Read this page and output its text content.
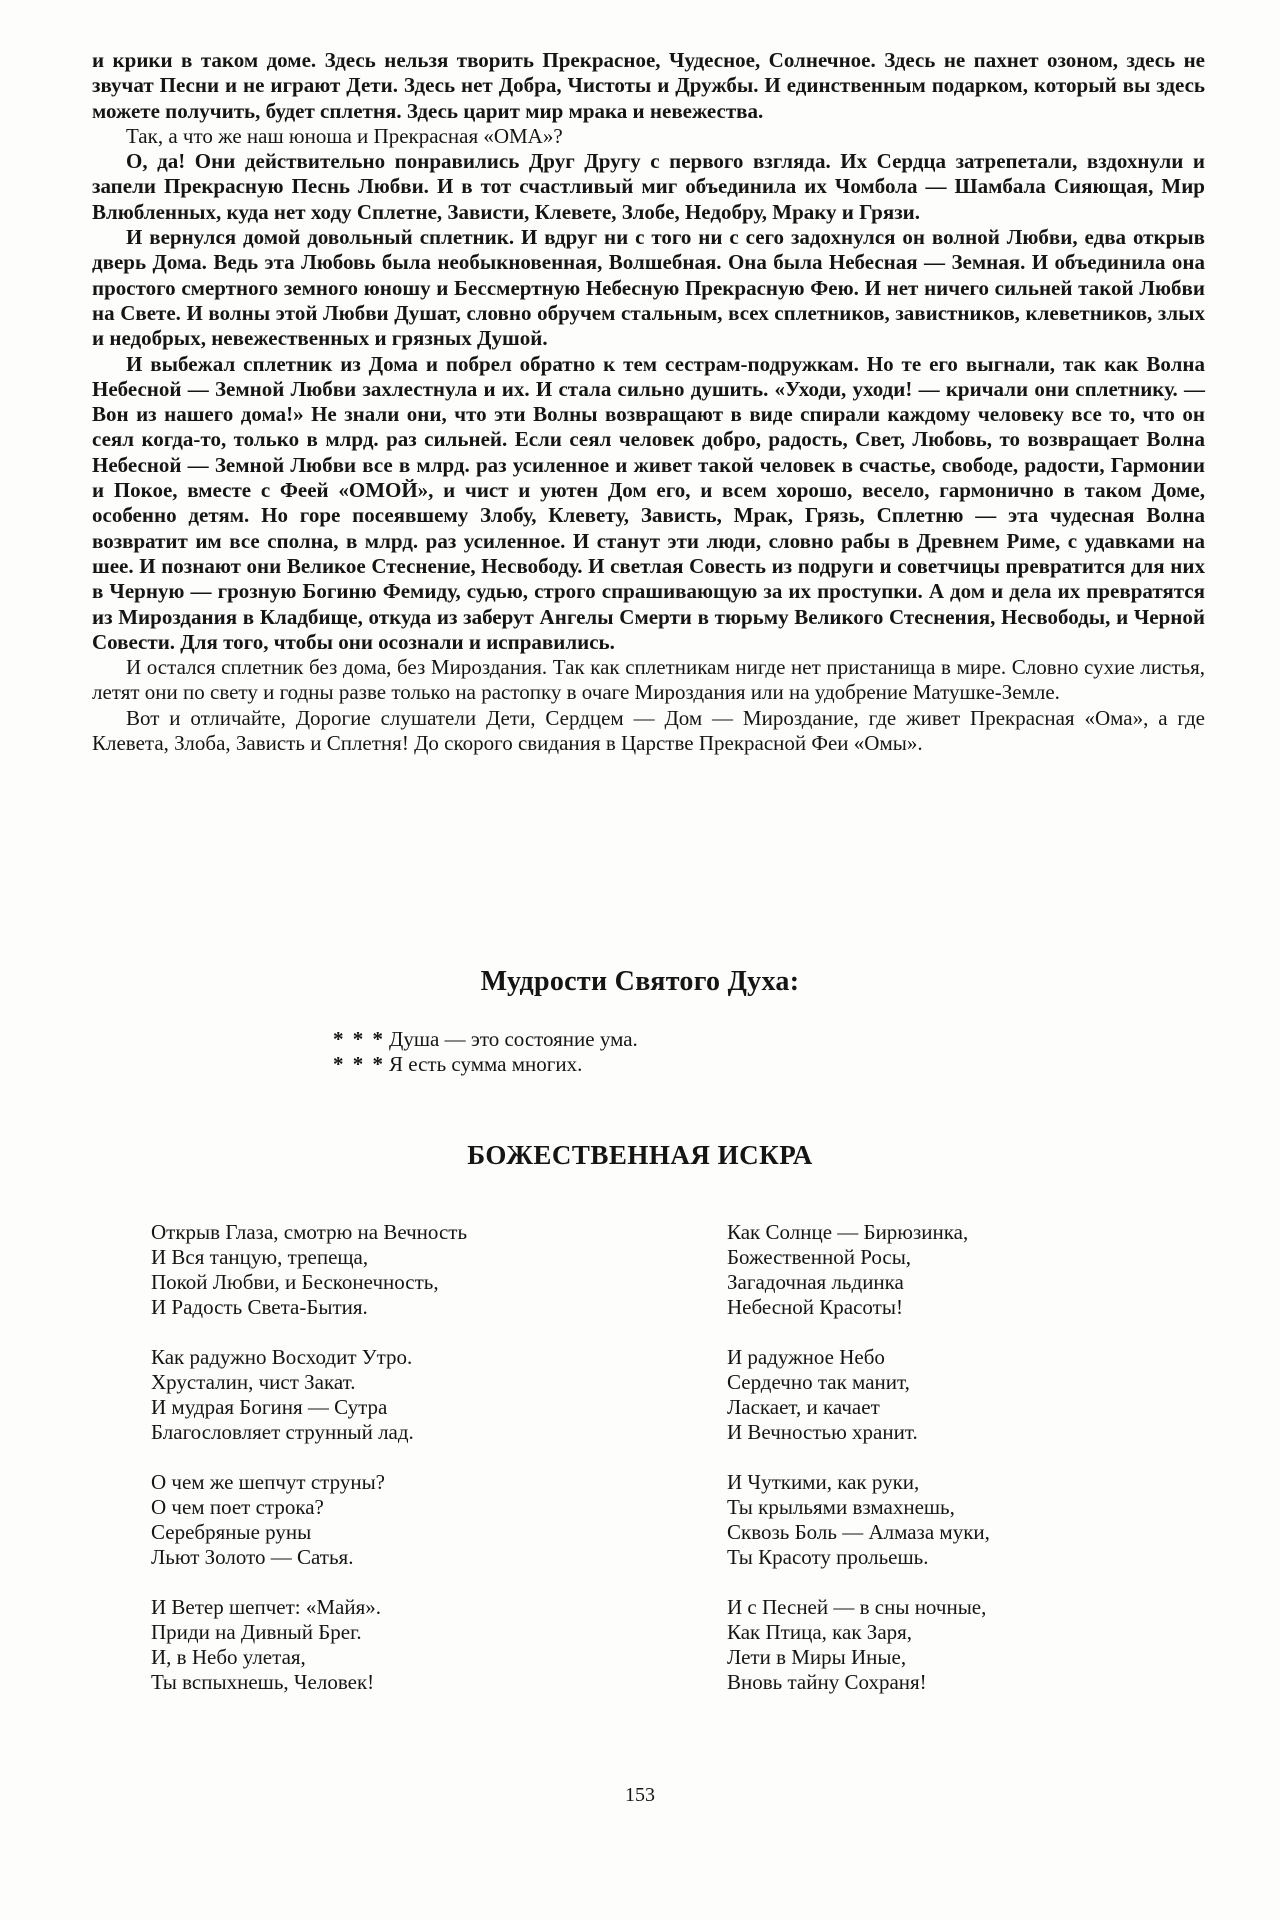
и крики в таком доме. Здесь нельзя творить Прекрасное, Чудесное, Солнечное. Здесь не пахнет озоном, здесь не звучат Песни и не играют Дети. Здесь нет Добра, Чистоты и Дружбы. И единственным подарком, который вы здесь можете получить, будет сплетня. Здесь царит мир мрака и невежества.

Так, а что же наш юноша и Прекрасная «ОМА»?

О, да! Они действительно понравились Друг Другу с первого взгляда. Их Сердца затрепетали, вздохнули и запели Прекрасную Песнь Любви. И в тот счастливый миг объединила их Чомбола — Шамбала Сияющая, Мир Влюбленных, куда нет ходу Сплетне, Зависти, Клевете, Злобе, Недобру, Мраку и Грязи.

И вернулся домой довольный сплетник. И вдруг ни с того ни с сего задохнулся он волной Любви, едва открыв дверь Дома. Ведь эта Любовь была необыкновенная, Волшебная. Она была Небесная — Земная. И объединила она простого смертного земного юношу и Бессмертную Небесную Прекрасную Фею. И нет ничего сильней такой Любви на Свете. И волны этой Любви Душат, словно обручем стальным, всех сплетников, завистников, клеветников, злых и недобрых, невежественных и грязных Душой.

И выбежал сплетник из Дома и побрел обратно к тем сестрам-подружкам. Но те его выгнали, так как Волна Небесной — Земной Любви захлестнула и их. И стала сильно душить. «Уходи, уходи! — кричали они сплетнику. — Вон из нашего дома!» Не знали они, что эти Волны возвращают в виде спирали каждому человеку все то, что он сеял когда-то, только в млрд. раз сильней. Если сеял человек добро, радость, Свет, Любовь, то возвращает Волна Небесной — Земной Любви все в млрд. раз усиленное и живет такой человек в счастье, свободе, радости, Гармонии и Покое, вместе с Феей «ОМОЙ», и чист и уютен Дом его, и всем хорошо, весело, гармонично в таком Доме, особенно детям. Но горе посеявшему Злобу, Клевету, Зависть, Мрак, Грязь, Сплетню — эта чудесная Волна возвратит им все сполна, в млрд. раз усиленное. И станут эти люди, словно рабы в Древнем Риме, с удавками на шее. И познают они Великое Стеснение, Несвободу. И светлая Совесть из подруги и советчицы превратится для них в Черную — грозную Богиню Фемиду, судью, строго спрашивающую за их проступки. А дом и дела их превратятся из Мироздания в Кладбище, откуда из заберут Ангелы Смерти в тюрьму Великого Стеснения, Несвободы, и Черной Совести. Для того, чтобы они осознали и исправились.

И остался сплетник без дома, без Мироздания. Так как сплетникам нигде нет пристанища в мире. Словно сухие листья, летят они по свету и годны разве только на растопку в очаге Мироздания или на удобрение Матушке-Земле.

Вот и отличайте, Дорогие слушатели Дети, Сердцем — Дом — Мироздание, где живет Прекрасная «Ома», а где Клевета, Злоба, Зависть и Сплетня! До скорого свидания в Царстве Прекрасной Феи «Омы».

Мудрости Святого Духа:
* * * Душа — это состояние ума.
* * * Я есть сумма многих.
БОЖЕСТВЕННАЯ ИСКРА
Открыв Глаза, смотрю на Вечность
И Вся танцую, трепеща,
Покой Любви, и Бесконечность,
И Радость Света-Бытия.
Как радужно Восходит Утро.
Хрусталин, чист Закат.
И мудрая Богиня — Сутра
Благословляет струнный лад.
О чем же шепчут струны?
О чем поет строка?
Серебряные руны
Льют Золото — Сатья.
И Ветер шепчет: «Майя».
Приди на Дивный Брег.
И, в Небо улетая,
Ты вспыхнешь, Человек!
Как Солнце — Бирюзинка,
Божественной Росы,
Загадочная льдинка
Небесной Красоты!
И радужное Небо
Сердечно так манит,
Ласкает, и качает
И Вечностью хранит.
И Чуткими, как руки,
Ты крыльями взмахнешь,
Сквозь Боль — Алмаза муки,
Ты Красоту прольешь.
И с Песней — в сны ночные,
Как Птица, как Заря,
Лети в Миры Иные,
Вновь тайну Сохраня!
153
